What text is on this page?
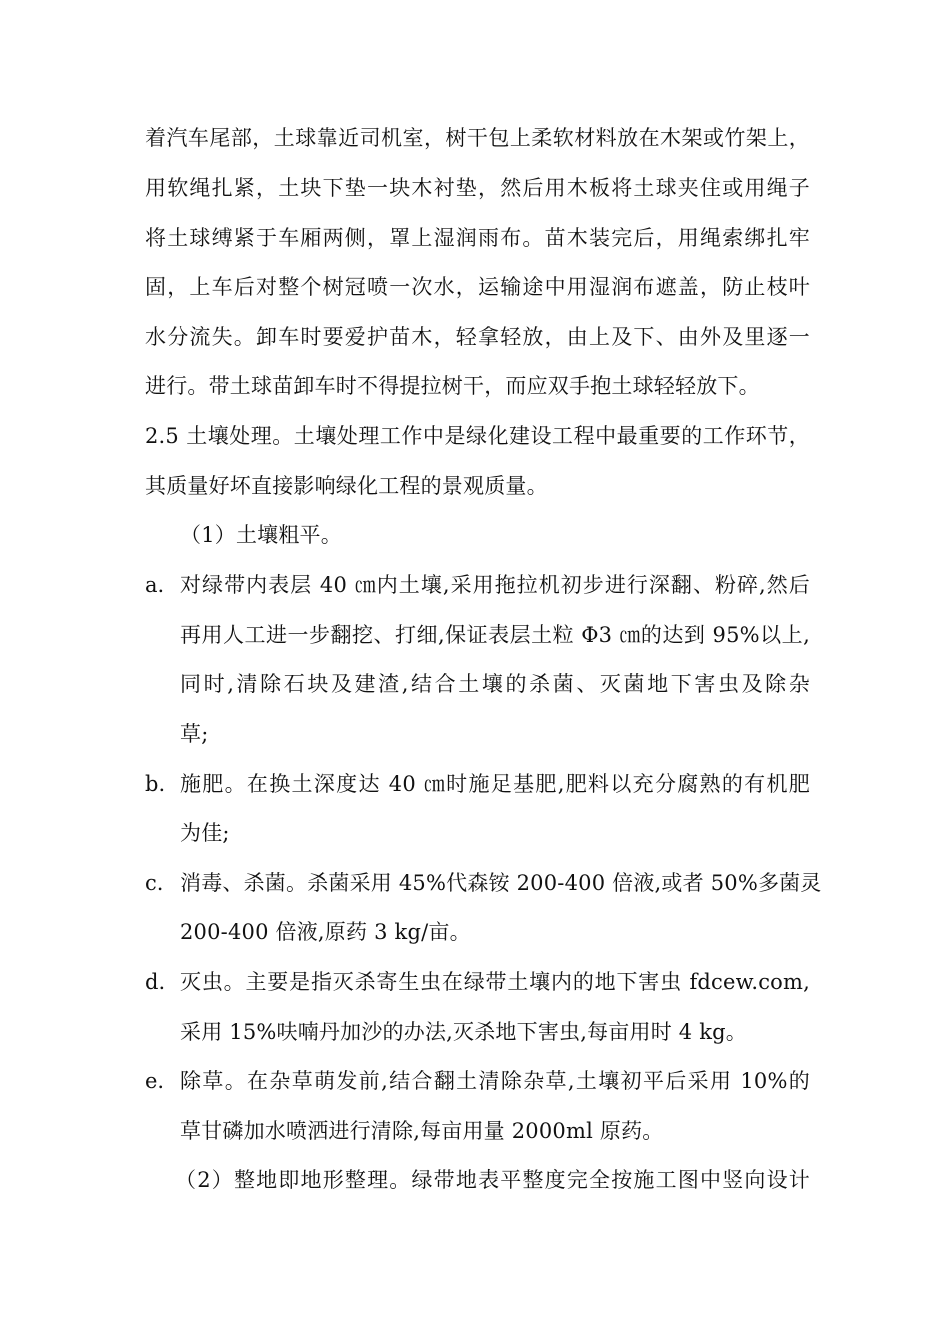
着汽车尾部，土球靠近司机室，树干包上柔软材料放在木架或竹架上，
用软绳扎紧，土块下垫一块木衬垫，然后用木板将土球夹住或用绳子
将土球缚紧于车厢两侧，罩上湿润雨布。苗木装完后，用绳索绑扎牢
固，上车后对整个树冠喷一次水，运输途中用湿润布遮盖，防止枝叶
水分流失。卸车时要爱护苗木，轻拿轻放，由上及下、由外及里逐一
进行。带土球苗卸车时不得提拉树干，而应双手抱土球轻轻放下。
2.5 土壤处理。土壤处理工作中是绿化建设工程中最重要的工作环节，
其质量好坏直接影响绿化工程的景观质量。
（1）土壤粗平。
a. 对绿带内表层 40 ㎝内土壤,采用拖拉机初步进行深翻、粉碎,然后
再用人工进一步翻挖、打细,保证表层土粒 Φ3 ㎝的达到 95%以上,
同时,清除石块及建渣,结合土壤的杀菌、灭菌地下害虫及除杂
草;
b. 施肥。在换土深度达 40 ㎝时施足基肥,肥料以充分腐熟的有机肥
为佳;
c. 消毒、杀菌。杀菌采用 45%代森铵 200-400 倍液,或者 50%多菌灵
200-400 倍液,原药 3 kg/亩。
d. 灭虫。主要是指灭杀寄生虫在绿带土壤内的地下害虫 fdcew.com,
采用 15%呋喃丹加沙的办法,灭杀地下害虫,每亩用时 4 kg。
e. 除草。在杂草萌发前,结合翻土清除杂草,土壤初平后采用 10%的
草甘磷加水喷洒进行清除,每亩用量 2000ml 原药。
（2）整地即地形整理。绿带地表平整度完全按施工图中竖向设计
